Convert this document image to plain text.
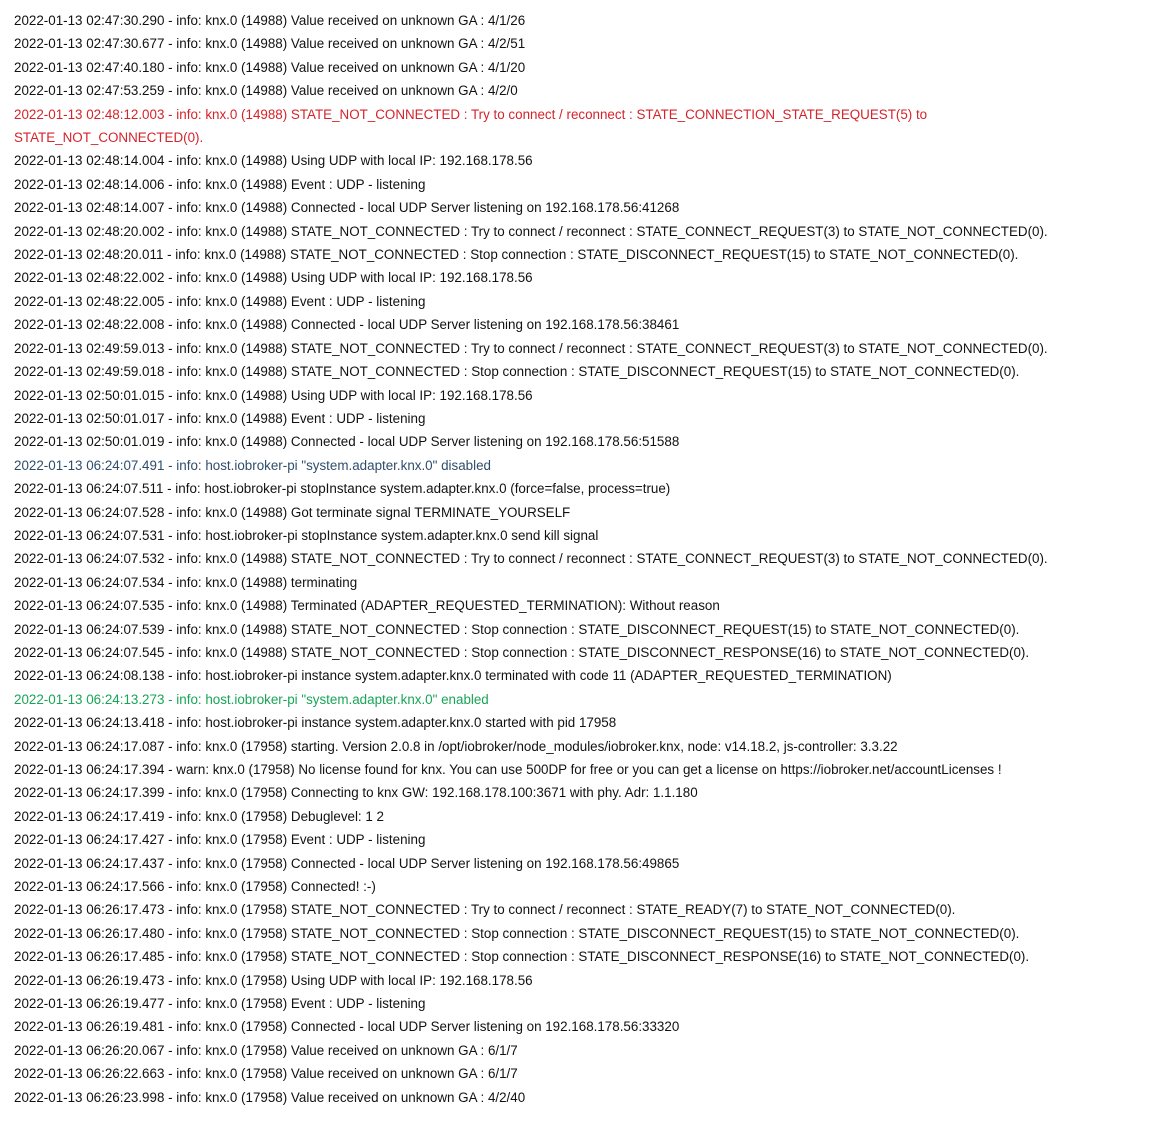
2022-01-13 02:47:30.290 - info: knx.0 (14988) Value received on unknown GA : 4/1/26
2022-01-13 02:47:30.677 - info: knx.0 (14988) Value received on unknown GA : 4/2/51
2022-01-13 02:47:40.180 - info: knx.0 (14988) Value received on unknown GA : 4/1/20
2022-01-13 02:47:53.259 - info: knx.0 (14988) Value received on unknown GA : 4/2/0
2022-01-13 02:48:12.003 - info: knx.0 (14988) STATE_NOT_CONNECTED : Try to connect / reconnect : STATE_CONNECTION_STATE_REQUEST(5) to
STATE_NOT_CONNECTED(0).
2022-01-13 02:48:14.004 - info: knx.0 (14988) Using UDP with local IP: 192.168.178.56
2022-01-13 02:48:14.006 - info: knx.0 (14988) Event : UDP - listening
2022-01-13 02:48:14.007 - info: knx.0 (14988) Connected - local UDP Server listening on 192.168.178.56:41268
2022-01-13 02:48:20.002 - info: knx.0 (14988) STATE_NOT_CONNECTED : Try to connect / reconnect : STATE_CONNECT_REQUEST(3) to STATE_NOT_CONNECTED(0).
2022-01-13 02:48:20.011 - info: knx.0 (14988) STATE_NOT_CONNECTED : Stop connection : STATE_DISCONNECT_REQUEST(15) to STATE_NOT_CONNECTED(0).
2022-01-13 02:48:22.002 - info: knx.0 (14988) Using UDP with local IP: 192.168.178.56
2022-01-13 02:48:22.005 - info: knx.0 (14988) Event : UDP - listening
2022-01-13 02:48:22.008 - info: knx.0 (14988) Connected - local UDP Server listening on 192.168.178.56:38461
2022-01-13 02:49:59.013 - info: knx.0 (14988) STATE_NOT_CONNECTED : Try to connect / reconnect : STATE_CONNECT_REQUEST(3) to STATE_NOT_CONNECTED(0).
2022-01-13 02:49:59.018 - info: knx.0 (14988) STATE_NOT_CONNECTED : Stop connection : STATE_DISCONNECT_REQUEST(15) to STATE_NOT_CONNECTED(0).
2022-01-13 02:50:01.015 - info: knx.0 (14988) Using UDP with local IP: 192.168.178.56
2022-01-13 02:50:01.017 - info: knx.0 (14988) Event : UDP - listening
2022-01-13 02:50:01.019 - info: knx.0 (14988) Connected - local UDP Server listening on 192.168.178.56:51588
2022-01-13 06:24:07.491 - info: host.iobroker-pi "system.adapter.knx.0" disabled
2022-01-13 06:24:07.511 - info: host.iobroker-pi stopInstance system.adapter.knx.0 (force=false, process=true)
2022-01-13 06:24:07.528 - info: knx.0 (14988) Got terminate signal TERMINATE_YOURSELF
2022-01-13 06:24:07.531 - info: host.iobroker-pi stopInstance system.adapter.knx.0 send kill signal
2022-01-13 06:24:07.532 - info: knx.0 (14988) STATE_NOT_CONNECTED : Try to connect / reconnect : STATE_CONNECT_REQUEST(3) to STATE_NOT_CONNECTED(0).
2022-01-13 06:24:07.534 - info: knx.0 (14988) terminating
2022-01-13 06:24:07.535 - info: knx.0 (14988) Terminated (ADAPTER_REQUESTED_TERMINATION): Without reason
2022-01-13 06:24:07.539 - info: knx.0 (14988) STATE_NOT_CONNECTED : Stop connection : STATE_DISCONNECT_REQUEST(15) to STATE_NOT_CONNECTED(0).
2022-01-13 06:24:07.545 - info: knx.0 (14988) STATE_NOT_CONNECTED : Stop connection : STATE_DISCONNECT_RESPONSE(16) to STATE_NOT_CONNECTED(0).
2022-01-13 06:24:08.138 - info: host.iobroker-pi instance system.adapter.knx.0 terminated with code 11 (ADAPTER_REQUESTED_TERMINATION)
2022-01-13 06:24:13.273 - info: host.iobroker-pi "system.adapter.knx.0" enabled
2022-01-13 06:24:13.418 - info: host.iobroker-pi instance system.adapter.knx.0 started with pid 17958
2022-01-13 06:24:17.087 - info: knx.0 (17958) starting. Version 2.0.8 in /opt/iobroker/node_modules/iobroker.knx, node: v14.18.2, js-controller: 3.3.22
2022-01-13 06:24:17.394 - warn: knx.0 (17958) No license found for knx. You can use 500DP for free or you can get a license on https://iobroker.net/accountLicenses !
2022-01-13 06:24:17.399 - info: knx.0 (17958) Connecting to knx GW: 192.168.178.100:3671 with phy. Adr: 1.1.180
2022-01-13 06:24:17.419 - info: knx.0 (17958) Debuglevel: 1 2
2022-01-13 06:24:17.427 - info: knx.0 (17958) Event : UDP - listening
2022-01-13 06:24:17.437 - info: knx.0 (17958) Connected - local UDP Server listening on 192.168.178.56:49865
2022-01-13 06:24:17.566 - info: knx.0 (17958) Connected! :-)
2022-01-13 06:26:17.473 - info: knx.0 (17958) STATE_NOT_CONNECTED : Try to connect / reconnect : STATE_READY(7) to STATE_NOT_CONNECTED(0).
2022-01-13 06:26:17.480 - info: knx.0 (17958) STATE_NOT_CONNECTED : Stop connection : STATE_DISCONNECT_REQUEST(15) to STATE_NOT_CONNECTED(0).
2022-01-13 06:26:17.485 - info: knx.0 (17958) STATE_NOT_CONNECTED : Stop connection : STATE_DISCONNECT_RESPONSE(16) to STATE_NOT_CONNECTED(0).
2022-01-13 06:26:19.473 - info: knx.0 (17958) Using UDP with local IP: 192.168.178.56
2022-01-13 06:26:19.477 - info: knx.0 (17958) Event : UDP - listening
2022-01-13 06:26:19.481 - info: knx.0 (17958) Connected - local UDP Server listening on 192.168.178.56:33320
2022-01-13 06:26:20.067 - info: knx.0 (17958) Value received on unknown GA : 6/1/7
2022-01-13 06:26:22.663 - info: knx.0 (17958) Value received on unknown GA : 6/1/7
2022-01-13 06:26:23.998 - info: knx.0 (17958) Value received on unknown GA : 4/2/40
